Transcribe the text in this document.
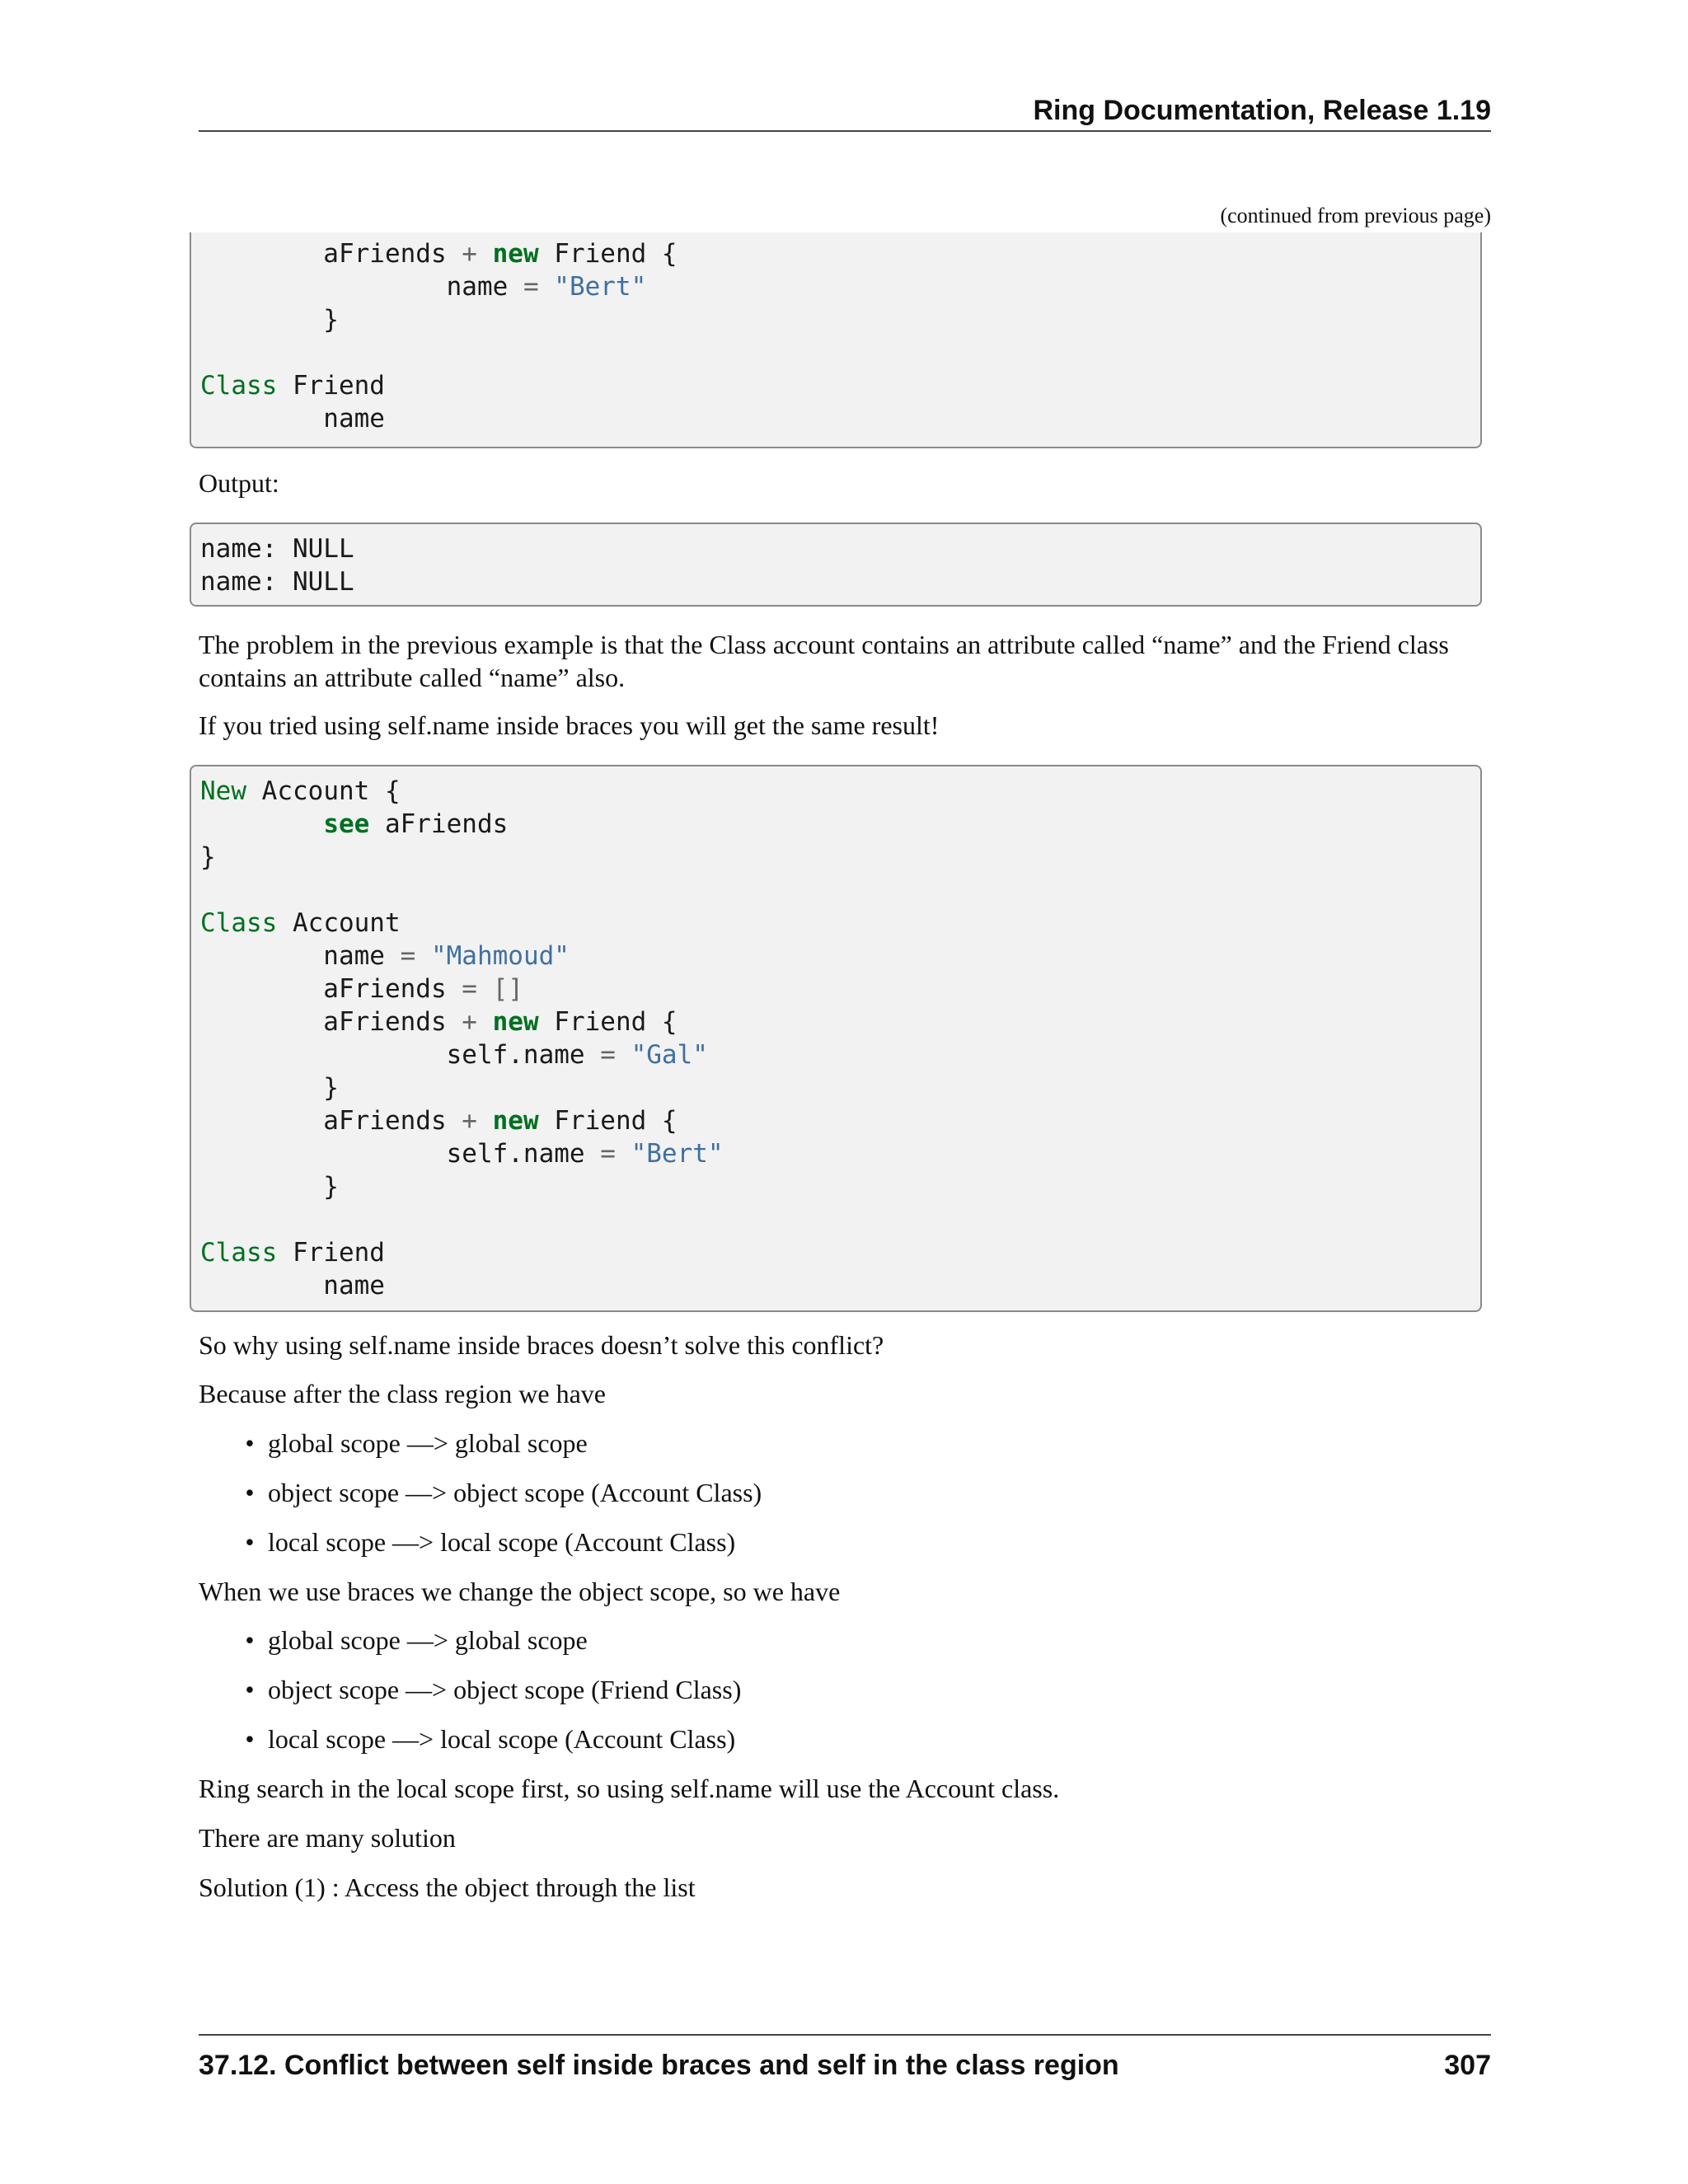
Ring Documentation, Release 1.19
(continued from previous page)
aFriends + new Friend {
name = "Bert"
}
Class Friend
name

Output:

name: NULL
name: NULL

The problem in the previous example is that the Class account contains an attribute called “name” and the Friend class contains an attribute called “name” also.

If you tried using self.name inside braces you will get the same result!

New Account {
see aFriends
}
Class Account
name = "Mahmoud"
aFriends = []
aFriends + new Friend {
self.name = "Gal"
}
aFriends + new Friend {
self.name = "Bert"
}
Class Friend
name

So why using self.name inside braces doesn’t solve this conflict?

Because after the class region we have

• global scope —> global scope
• object scope —> object scope (Account Class)
• local scope —> local scope (Account Class)

When we use braces we change the object scope, so we have

• global scope —> global scope
• object scope —> object scope (Friend Class)
• local scope —> local scope (Account Class)

Ring search in the local scope first, so using self.name will use the Account class.

There are many solution

Solution (1) : Access the object through the list

37.12. Conflict between self inside braces and self in the class region	307
